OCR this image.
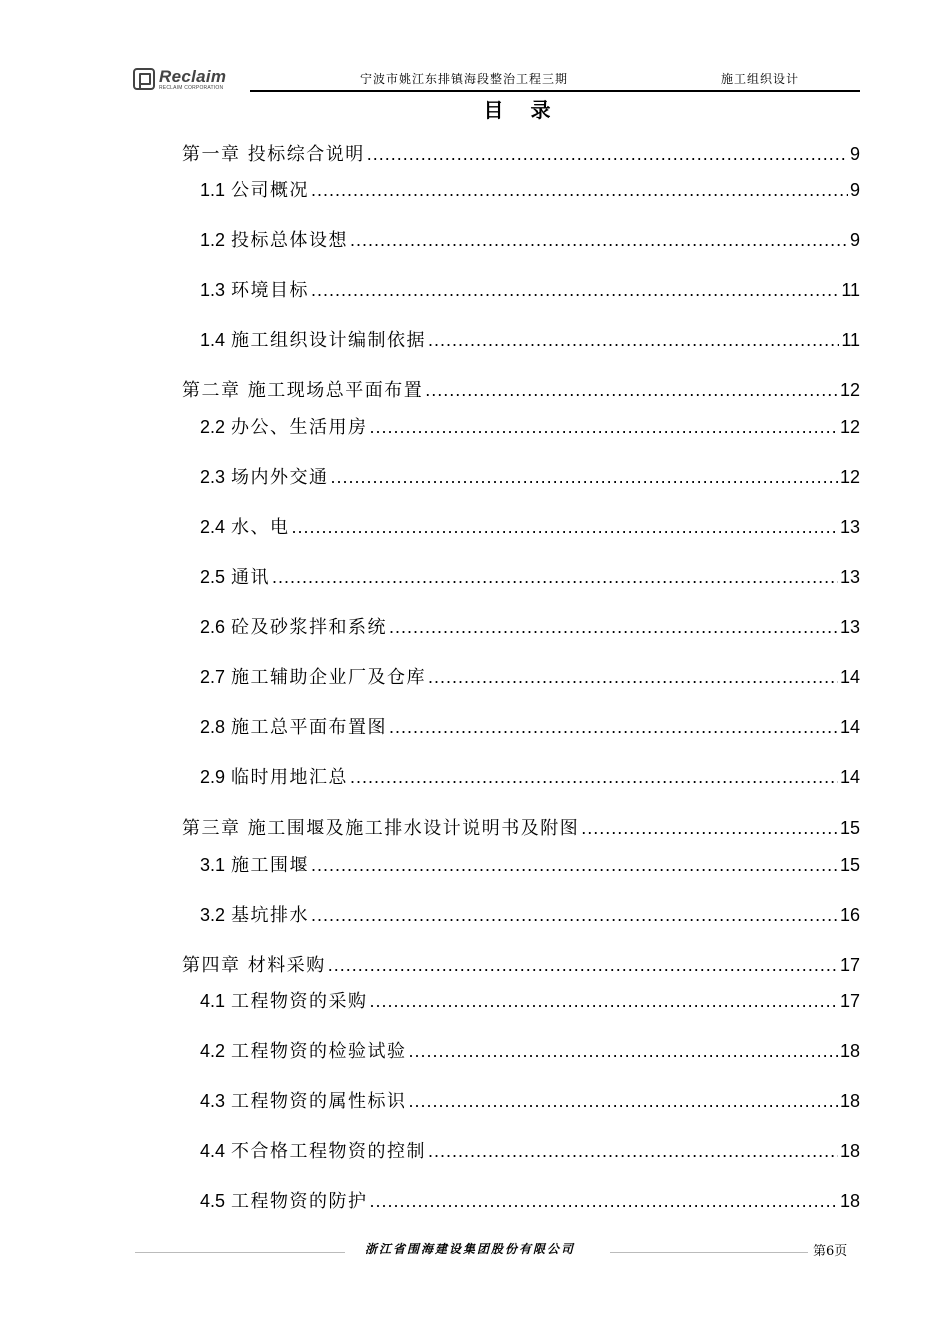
Reclaim
RECLAIM CORPORATION
宁波市姚江东排镇海段整治工程三期	施工组织设计
目 录
第一章 投标综合说明 .....	9
1.1 公司概况 .....	9
1.2 投标总体设想 .....	9
1.3 环境目标 .....	11
1.4 施工组织设计编制依据 .....	11
第二章 施工现场总平面布置 .....	12
2.2 办公、生活用房 .....	12
2.3 场内外交通 .....	12
2.4 水、电 .....	13
2.5 通讯 .....	13
2.6 砼及砂浆拌和系统 .....	13
2.7 施工辅助企业厂及仓库 .....	14
2.8 施工总平面布置图 .....	14
2.9 临时用地汇总 .....	14
第三章 施工围堰及施工排水设计说明书及附图 .....	15
3.1 施工围堰 .....	15
3.2 基坑排水 .....	16
第四章 材料采购 .....	17
4.1 工程物资的采购 .....	17
4.2 工程物资的检验试验 .....	18
4.3 工程物资的属性标识 .....	18
4.4 不合格工程物资的控制 .....	18
4.5 工程物资的防护 .....	18
浙江省围海建设集团股份有限公司	第6页
